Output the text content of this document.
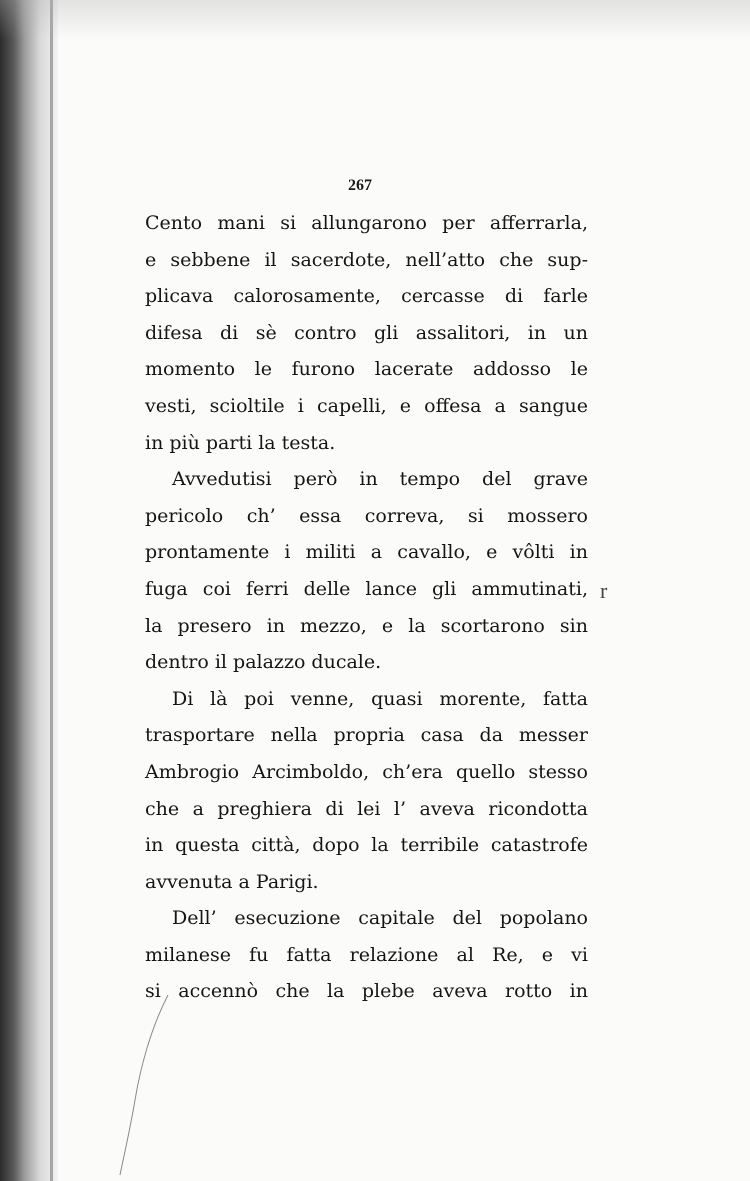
267
Cento mani si allungarono per afferrarla,
e sebbene il sacerdote, nell’atto che sup-
plicava calorosamente, cercasse di farle
difesa di sè contro gli assalitori, in un
momento le furono lacerate addosso le
vesti, scioltile i capelli, e offesa a sangue
in più parti la testa.
Avvedutisi però in tempo del grave
pericolo ch’ essa correva, si mossero
prontamente i militi a cavallo, e vôlti in
fuga coi ferri delle lance gli ammutinati,
la presero in mezzo, e la scortarono sin
dentro il palazzo ducale.
Di là poi venne, quasi morente, fatta
trasportare nella propria casa da messer
Ambrogio Arcimboldo, ch’era quello stesso
che a preghiera di lei l’ aveva ricondotta
in questa città, dopo la terribile catastrofe
avvenuta a Parigi.
Dell’ esecuzione capitale del popolano
milanese fu fatta relazione al Re, e vi
si accennò che la plebe aveva rotto in
r
